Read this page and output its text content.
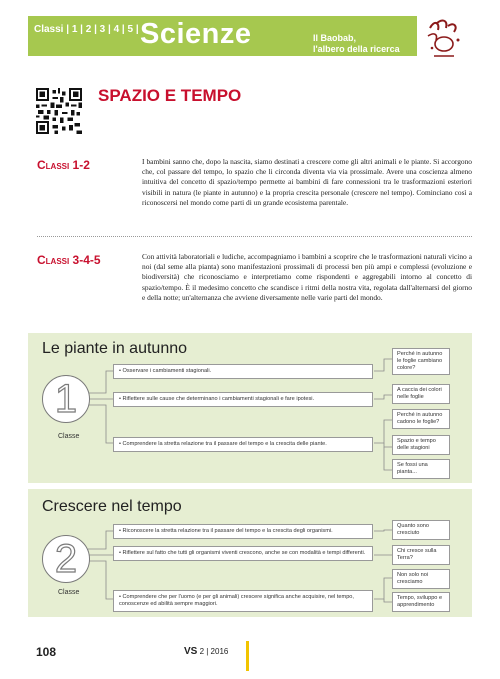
Classi | 1 | 2 | 3 | 4 | 5 | Scienze	Il Baobab,
l'albero della ricerca
SPAZIO E TEMPO
Classi 1-2	I bambini sanno che, dopo la nascita, siamo destinati a crescere come gli altri animali e le piante. Si accorgono che, col passare del tempo, lo spazio che li circonda diventa via via prossimale. Avere una coscienza almeno intuitiva del concetto di spazio/tempo permette ai bambini di fare connessioni tra le trasformazioni esteriori visibili in natura (le piante in autunno) e la propria crescita personale (crescere nel tempo). Cominciano così a riconoscersi nel mondo come parti di un grande ecosistema parentale.
Classi 3-4-5	Con attività laboratoriali e ludiche, accompagniamo i bambini a scoprire che le trasformazioni naturali vicino a noi (dal seme alla pianta) sono manifestazioni prossimali di processi ben più ampi e complessi (evoluzione e biodiversità) che riconosciamo e interpretiamo come rispondenti e aggregabili intorno al concetto di spazio/tempo. È il medesimo concetto che scandisce i ritmi della nostra vita, regolata dall'alternarsi del giorno e della notte; un'alternanza che avviene diversamente nelle varie parti del mondo.
Le piante in autunno
1
Classe
• Osservare i cambiamenti stagionali.
• Riflettere sulle cause che determinano i cambiamenti stagionali e fare ipotesi.
• Comprendere la stretta relazione tra il passare del tempo e la crescita delle piante.
Perché in autunno le foglie cambiano colore?
A caccia dei colori nelle foglie
Perché in autunno cadono le foglie?
Spazio e tempo delle stagioni
Se fossi una pianta...
Crescere nel tempo
2
Classe
• Riconoscere la stretta relazione tra il passare del tempo e la crescita degli organismi.
• Riflettere sul fatto che tutti gli organismi viventi crescono, anche se con modalità e tempi differenti.
• Comprendere che per l'uomo (e per gli animali) crescere significa anche acquisire, nel tempo, conoscenze ed abilità sempre maggiori.
Quanto sono cresciuto
Chi cresce sulla Terra?
Non solo noi cresciamo
Tempo, sviluppo e apprendimento
108	VS 2 | 2016
